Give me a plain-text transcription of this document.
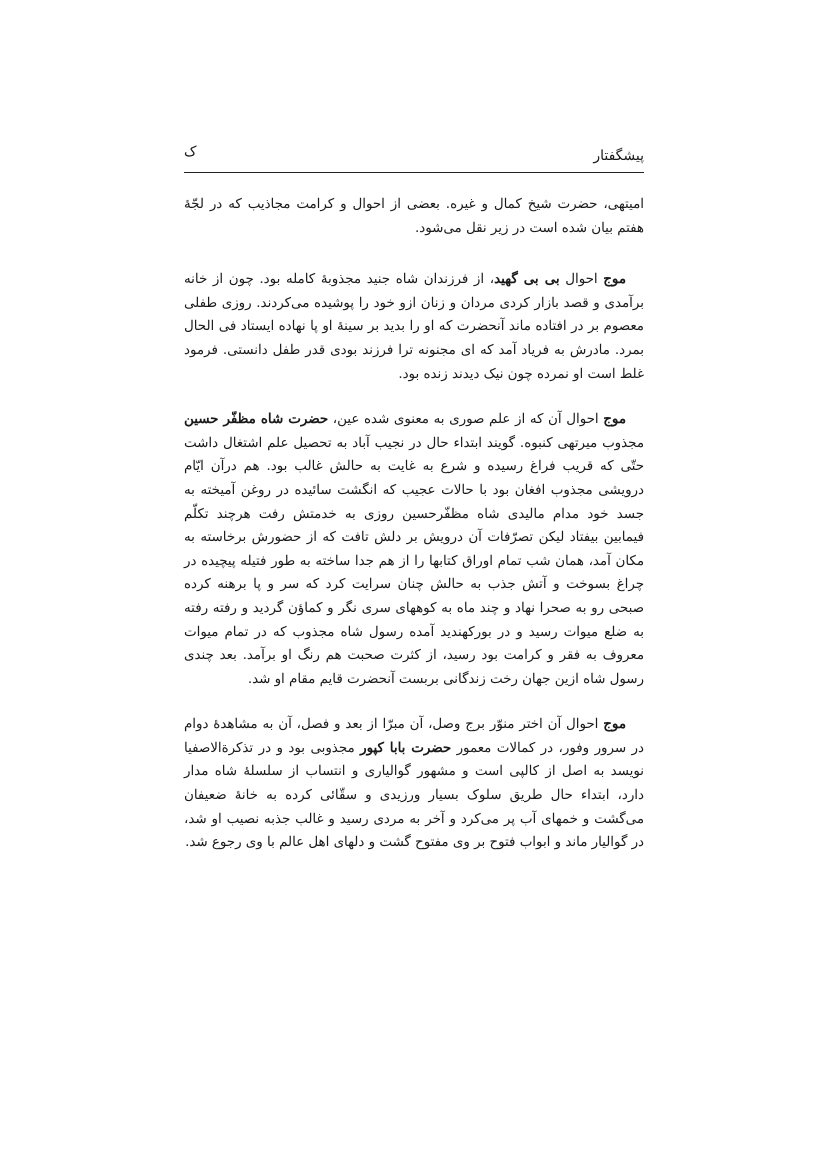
پیشگفتار
ک

امیتهی، حضرت شیخ کمال و غیره. بعضی از احوال و کرامت مجاذیب که در لجّهٔ هفتم بیان شده است در زیر نقل می‌شود.

موج احوال بی بی گهید، از فرزندان شاه جنید مجذوبهٔ کامله بود. چون از خانه برآمدی و قصد بازار کردی مردان و زنان ازو خود را پوشیده می‌کردند. روزی طفلی معصوم بر در افتاده ماند آنحضرت که او را بدید بر سینهٔ او پا نهاده ایستاد فی الحال بمرد. مادرش به فریاد آمد که ای مجنونه ترا فرزند بودی قدر طفل دانستی. فرمود غلط است او نمرده چون نیک دیدند زنده بود.

موج احوال آن که از علم صوری به معنوی شده عین، حضرت شاه مظفّر حسین مجذوب میرتهی کنبوه. گویند ابتداء حال در نجیب آباد به تحصیل علم اشتغال داشت حتّی که قریب فراغ رسیده و شرع به غایت به حالش غالب بود. هم درآن ایّام درویشی مجذوب افغان بود با حالات عجیب که انگشت سائیده در روغن آمیخته به جسد خود مدام مالیدی شاه مظفّرحسین روزی به خدمتش رفت هرچند تکلّم فیمابین بیفتاد لیکن تصرّفات آن درویش بر دلش تافت که از حضورش برخاسته به مکان آمد، همان شب تمام اوراق کتابها را از هم جدا ساخته به طور فتیله پیچیده در چراغ بسوخت و آتش جذب به حالش چنان سرایت کرد که سر و پا برهنه کرده صبحی رو به صحرا نهاد و چند ماه به کوههای سری نگر و کماؤن گردید و رفته رفته به ضلع میوات رسید و در بورکهندید آمده رسول شاه مجذوب که در تمام میوات معروف به فقر و کرامت بود رسید، از کثرت صحبت هم رنگ او برآمد. بعد چندی رسول شاه ازین جهان رخت زندگانی بربست آنحضرت قایم مقام او شد.

موج احوال آن اختر منوّر برج وصل، آن مبرّا از بعد و فصل، آن به مشاهدهٔ دوام در سرور وفور، در کمالات معمور حضرت بابا کپور مجذوبی بود و در تذکرةالاصفیا نویسد به اصل از کالپی است و مشهور گوالیاری و انتساب از سلسلهٔ شاه مدار دارد، ابتداء حال طریق سلوک بسیار ورزیدی و سقّائی کرده به خانهٔ ضعیفان می‌گشت و خمهای آب پر می‌کرد و آخر به مردی رسید و غالب جذبه نصیب او شد، در گوالیار ماند و ابواب فتوح بر وی مفتوح گشت و دلهای اهل عالم با وی رجوع شد.
